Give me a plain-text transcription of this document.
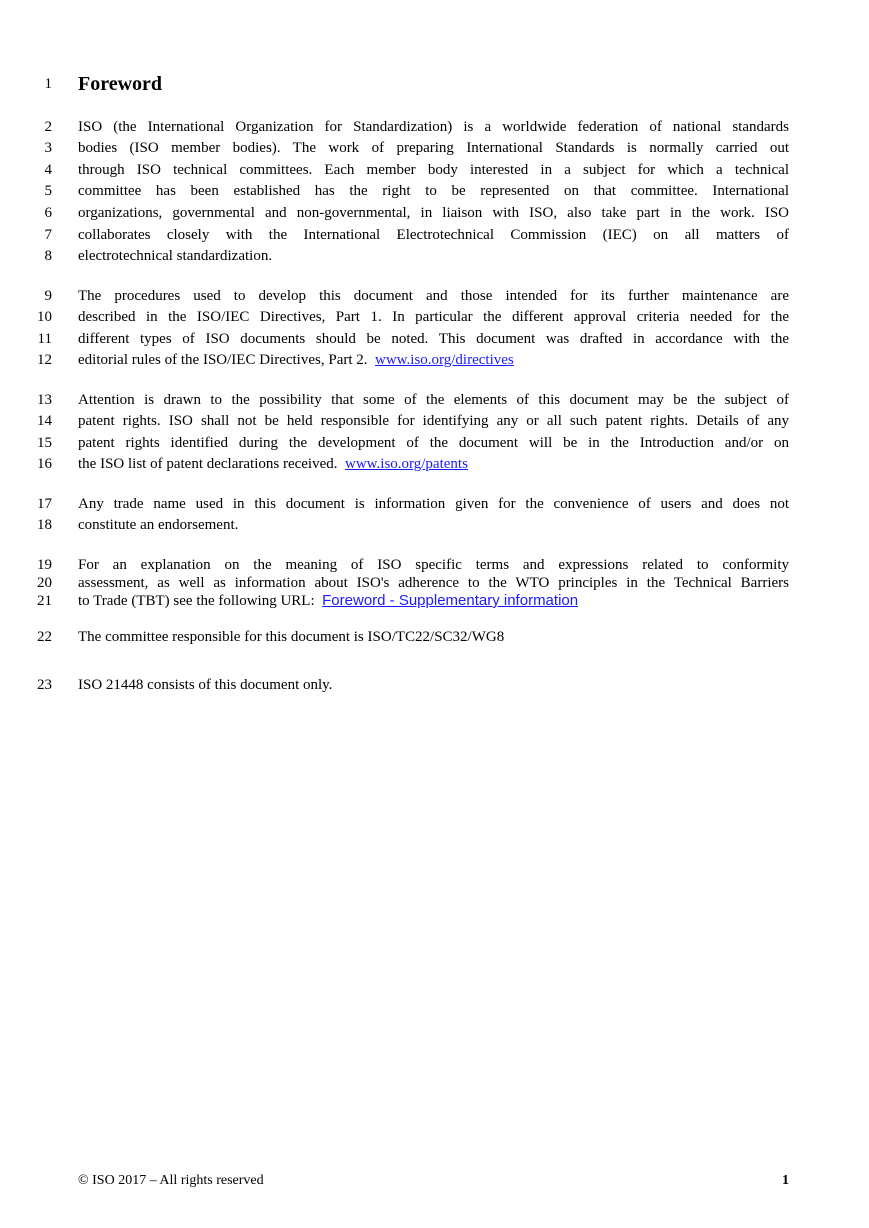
1 Foreword
2 ISO (the International Organization for Standardization) is a worldwide federation of national standards
3 bodies (ISO member bodies). The work of preparing International Standards is normally carried out
4 through ISO technical committees. Each member body interested in a subject for which a technical
5 committee has been established has the right to be represented on that committee. International
6 organizations, governmental and non-governmental, in liaison with ISO, also take part in the work. ISO
7 collaborates closely with the International Electrotechnical Commission (IEC) on all matters of
8 electrotechnical standardization.
9 The procedures used to develop this document and those intended for its further maintenance are
10 described in the ISO/IEC Directives, Part 1. In particular the different approval criteria needed for the
11 different types of ISO documents should be noted. This document was drafted in accordance with the
12 editorial rules of the ISO/IEC Directives, Part 2. www.iso.org/directives
13 Attention is drawn to the possibility that some of the elements of this document may be the subject of
14 patent rights. ISO shall not be held responsible for identifying any or all such patent rights. Details of any
15 patent rights identified during the development of the document will be in the Introduction and/or on
16 the ISO list of patent declarations received. www.iso.org/patents
17 Any trade name used in this document is information given for the convenience of users and does not
18 constitute an endorsement.
19 For an explanation on the meaning of ISO specific terms and expressions related to conformity
20 assessment, as well as information about ISO's adherence to the WTO principles in the Technical Barriers
21 to Trade (TBT) see the following URL: Foreword - Supplementary information
22 The committee responsible for this document is ISO/TC22/SC32/WG8
23 ISO 21448 consists of this document only.
© ISO 2017 – All rights reserved	1
